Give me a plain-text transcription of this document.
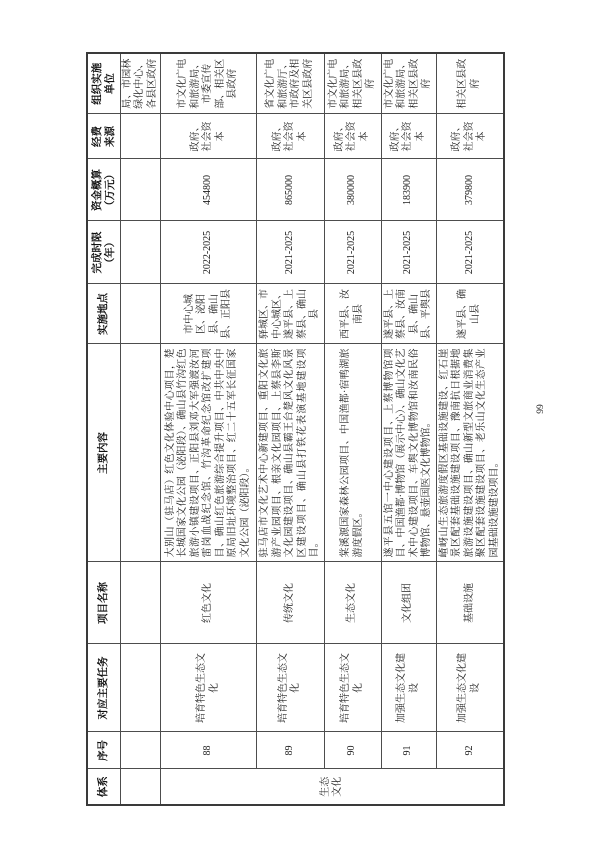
体系	序号	对应主要任务	项目名称	主要内容	实施地点	完成时限 （年）	资金概算 （万元）	经费 来源	组织实施 单位

									局、市园林绿化中心、各县区政府
生态文化	88	培育特色生态文化	红色文化	大别山（驻马店）红色文化体验中心项目，楚长城国家文化公园（泌阳段）、确山县竹沟红色旅游小镇建设项目、正阳县刘邓大军强渡汝河雷岗血战纪念馆、竹沟革命纪念馆改扩建项目、确山红色旅游综合提升项目、中共中央中原局旧址环境整治项目、红二十五军长征国家文化公园（泌阳段）。	市中心城区、泌阳县、确山县、正阳县	2022-2025	454800	政府、社会资本	市文化广电和旅游局、市委宣传部、相关区县政府
	89	培育特色生态文化	传统文化	驻马店市文化艺术中心新建项目、重阳文化旅游产业园项目、根亲文化园项目、上蔡县李斯文化园建设项目、确山县霸王台楚风文化风景区建设项目、确山县打铁花表演基地建设项目。	驿城区、市中心城区、遂平县、上蔡县、确山县	2021-2025	865000	政府、社会资本	省文化广电和旅游厅、市政府及相关区县政府
	90	培育特色生态文化	生态文化	棠溪源国家森林公园项目、中国渔都·宿鸭湖旅游度假区。	西平县、汝南县	2021-2025	380000	政府、社会资本	市文化广电和旅游局、相关区县政府
	91	加强生态文化建设	文化组团	遂平县五馆一中心建设项目、上蔡博物馆项目、中国渔都·博物馆（展示中心）、确山文化艺术中心建设项目、车舆文化博物馆和汝南民俗博物馆、悬壶国医文化博物馆。	遂平县、上蔡县、汝南县、确山县、平舆县	2021-2025	183900	政府、社会资本	市文化广电和旅游局、相关区县政府
	92	加强生态文化建设	基础设施	嵖岈山生态旅游度假区基础设施建设、红石崖景区配套基础设施建设项目、豫南抗日根据地旅游设施建设项目、确山新型文旅商业消费集聚区配套设施建设项目、老乐山文化生态产业园基础设施建设项目。	遂平县、确山县	2021-2025	379800	政府、社会资本	相关区县政府
99
